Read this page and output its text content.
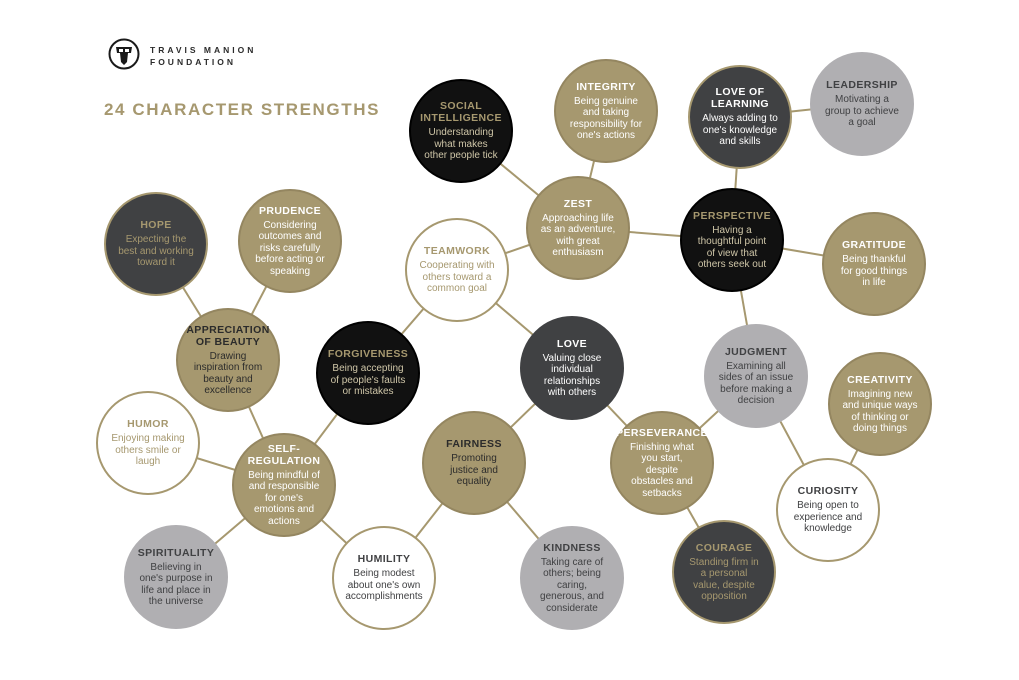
TRAVIS MANION
FOUNDATION
24 CHARACTER STRENGTHS	SOCIAL INTELLIGENCE
Understanding what makes other people tick
INTEGRITY
Being genuine and taking responsibility for one's actions
LOVE OF LEARNING
Always adding to one's knowledge and skills
LEADERSHIP
Motivating a group to achieve a goal
ZEST
Approaching life as an adventure, with great enthusiasm
PERSPECTIVE
Having a thoughtful point of view that others seek out
GRATITUDE
Being thankful for good things in life
HOPE
Expecting the best and working toward it
PRUDENCE
Considering outcomes and risks carefully before acting or speaking
TEAMWORK
Cooperating with others toward a common goal
APPRECIATION OF BEAUTY
Drawing inspiration from beauty and excellence
FORGIVENESS
Being accepting of people's faults or mistakes
LOVE
Valuing close individual relationships with others
JUDGMENT
Examining all sides of an issue before making a decision
CREATIVITY
Imagining new and unique ways of thinking or doing things
HUMOR
Enjoying making others smile or laugh
SELF-REGULATION
Being mindful of and responsible for one's emotions and actions
FAIRNESS
Promoting justice and equality
PERSEVERANCE
Finishing what you start, despite obstacles and setbacks	CURIOSITY
Being open to experience and knowledge
SPIRITUALITY
Believing in one's purpose in life and place in the universe
HUMILITY
Being modest about one's own accomplishments
KINDNESS
Taking care of others; being caring, generous, and considerate
COURAGE
Standing firm in a personal value, despite opposition
